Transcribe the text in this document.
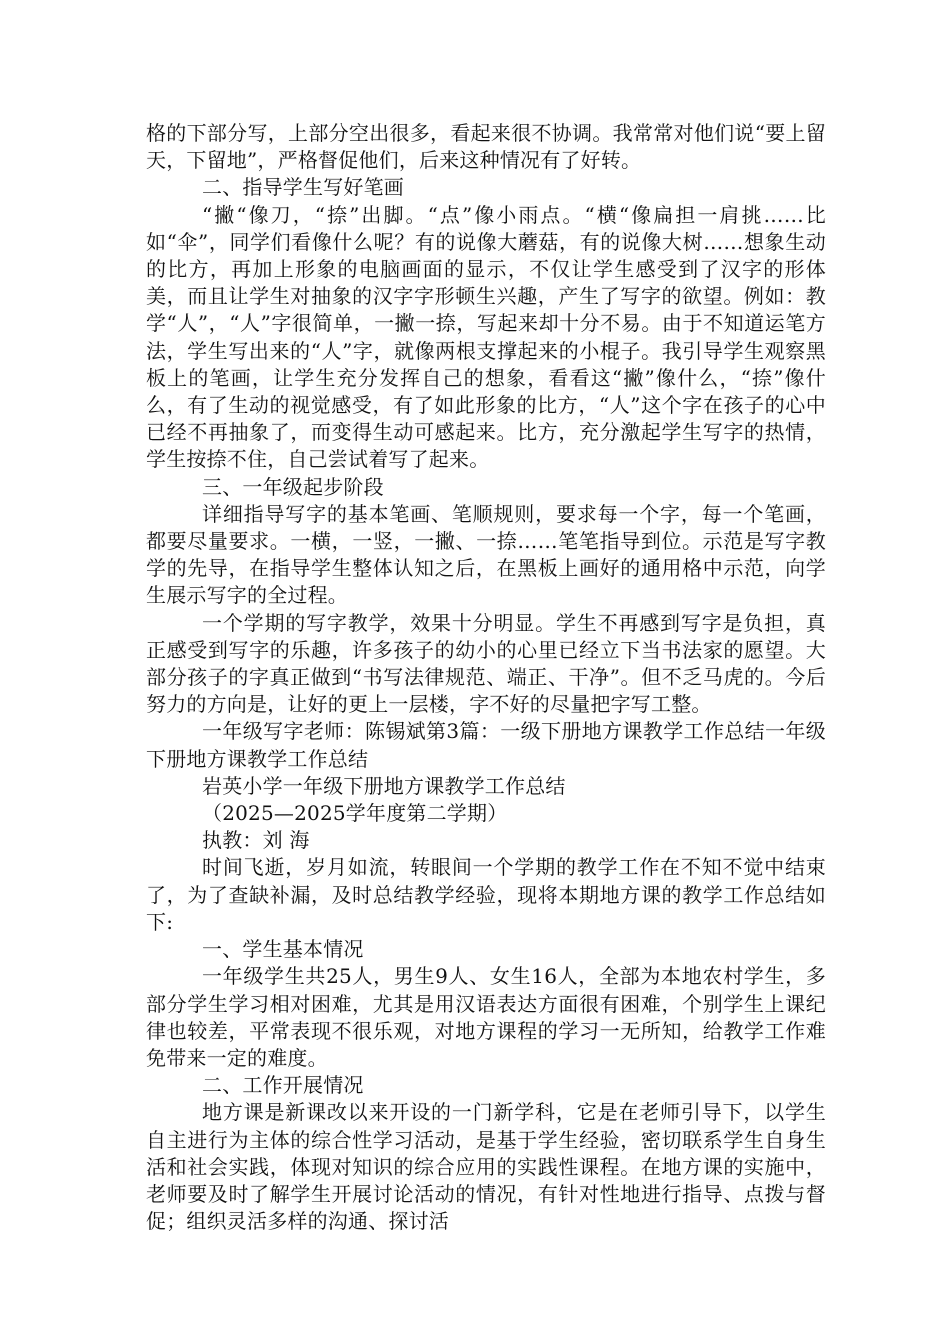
格的下部分写，上部分空出很多，看起来很不协调。我常常对他们说“要上留天，下留地”，严格督促他们，后来这种情况有了好转。

二、指导学生写好笔画

“撇“像刀，“捺”出脚。“点”像小雨点。“横“像扁担一肩挑……比如“伞”，同学们看像什么呢？有的说像大蘑菇，有的说像大树……想象生动的比方，再加上形象的电脑画面的显示，不仅让学生感受到了汉字的形体美，而且让学生对抽象的汉字字形顿生兴趣，产生了写字的欲望。例如：教学“人”，“人”字很简单，一撇一捺，写起来却十分不易。由于不知道运笔方法，学生写出来的“人”字，就像两根支撑起来的小棍子。我引导学生观察黑板上的笔画，让学生充分发挥自己的想象，看看这“撇”像什么，“捺”像什么，有了生动的视觉感受，有了如此形象的比方，“人”这个字在孩子的心中已经不再抽象了，而变得生动可感起来。比方，充分激起学生写字的热情，学生按捺不住，自己尝试着写了起来。

三、一年级起步阶段

详细指导写字的基本笔画、笔顺规则，要求每一个字，每一个笔画，都要尽量要求。一横，一竖，一撇、一捺……笔笔指导到位。示范是写字教学的先导，在指导学生整体认知之后，在黑板上画好的通用格中示范，向学生展示写字的全过程。

一个学期的写字教学，效果十分明显。学生不再感到写字是负担，真正感受到写字的乐趣，许多孩子的幼小的心里已经立下当书法家的愿望。大部分孩子的字真正做到“书写法律规范、端正、干净”。但不乏马虎的。今后努力的方向是，让好的更上一层楼，字不好的尽量把字写工整。

一年级写字老师：陈锡斌第3篇：一级下册地方课教学工作总结一年级下册地方课教学工作总结

岩英小学一年级下册地方课教学工作总结

（2025—2025学年度第二学期）

执教：刘 海

时间飞逝，岁月如流，转眼间一个学期的教学工作在不知不觉中结束了，为了查缺补漏，及时总结教学经验，现将本期地方课的教学工作总结如下:

一、学生基本情况

一年级学生共25人，男生9人、女生16人，全部为本地农村学生，多部分学生学习相对困难，尤其是用汉语表达方面很有困难，个别学生上课纪律也较差，平常表现不很乐观，对地方课程的学习一无所知，给教学工作难免带来一定的难度。

二、工作开展情况

地方课是新课改以来开设的一门新学科，它是在老师引导下，以学生自主进行为主体的综合性学习活动，是基于学生经验，密切联系学生自身生活和社会实践，体现对知识的综合应用的实践性课程。在地方课的实施中，老师要及时了解学生开展讨论活动的情况，有针对性地进行指导、点拨与督促；组织灵活多样的沟通、探讨活
